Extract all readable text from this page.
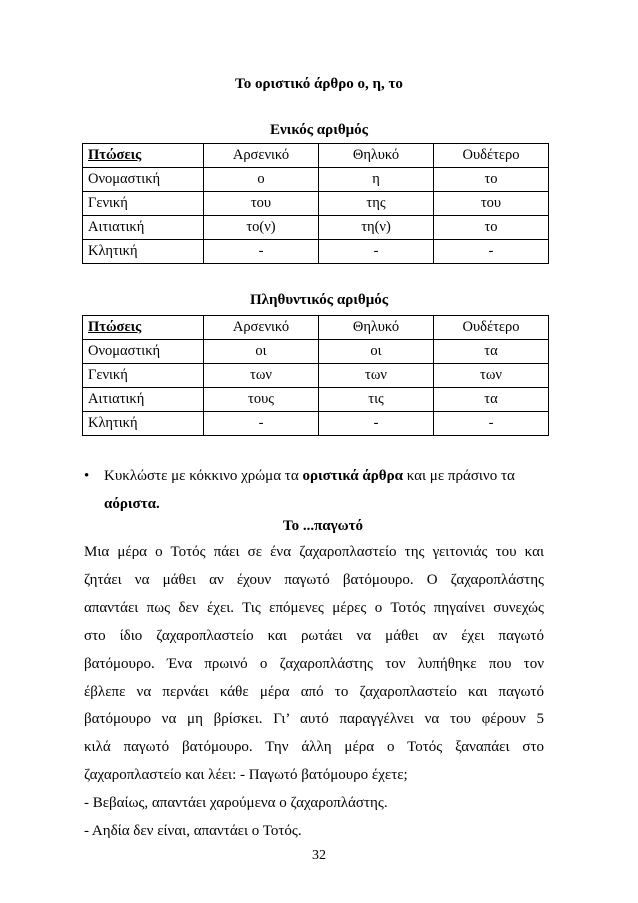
Το οριστικό άρθρο ο, η, το
Ενικός αριθμός
Πτώσεις	Αρσενικό	Θηλυκό	Ουδέτερο
Ονομαστική	ο	η	το
Γενική	του	της	του
Αιτιατική	το(ν)	τη(ν)	το
Κλητική	-	-	-
Πληθυντικός αριθμός
Πτώσεις	Αρσενικό	Θηλυκό	Ουδέτερο
Ονομαστική	οι	οι	τα
Γενική	των	των	των
Αιτιατική	τους	τις	τα
Κλητική	-	-	-
• Κυκλώστε με κόκκινο χρώμα τα οριστικά άρθρα και με πράσινο τα
αόριστα.
Το ...παγωτό

Μια μέρα ο Τοτός πάει σε ένα ζαχαροπλαστείο της γειτονιάς του και

ζητάει να μάθει αν έχουν παγωτό βατόμουρο. Ο ζαχαροπλάστης

απαντάει πως δεν έχει. Τις επόμενες μέρες ο Τοτός πηγαίνει συνεχώς

στο ίδιο ζαχαροπλαστείο και ρωτάει να μάθει αν έχει παγωτό

βατόμουρο. Ένα πρωινό ο ζαχαροπλάστης τον λυπήθηκε που τον

έβλεπε να περνάει κάθε μέρα από το ζαχαροπλαστείο και παγωτό

βατόμουρο να μη βρίσκει. Γι’ αυτό παραγγέλνει να του φέρουν 5

κιλά παγωτό βατόμουρο. Την άλλη μέρα ο Τοτός ξαναπάει στο

ζαχαροπλαστείο και λέει: - Παγωτό βατόμουρο έχετε;

- Βεβαίως, απαντάει χαρούμενα ο ζαχαροπλάστης.

- Αηδία δεν είναι, απαντάει ο Τοτός.

32
